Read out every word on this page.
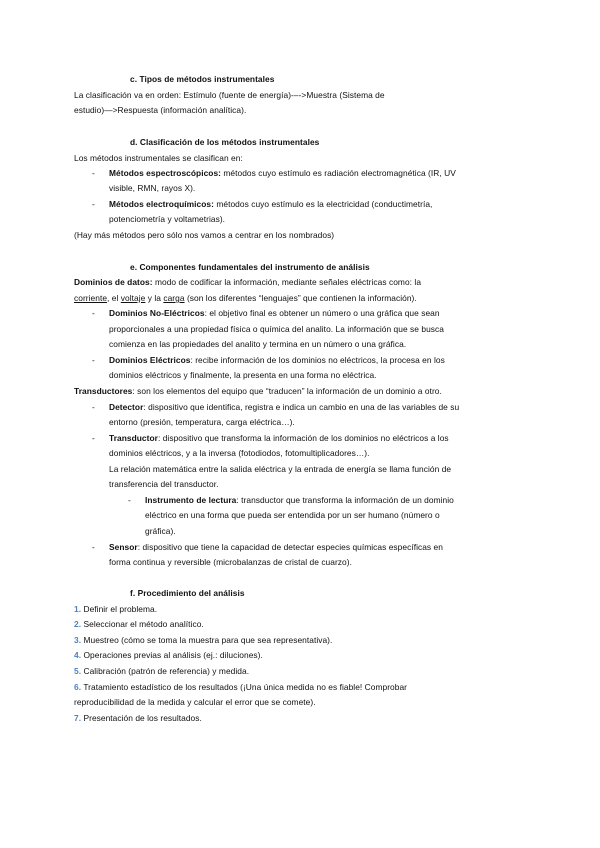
c. Tipos de métodos instrumentales
La clasificación va en orden: Estímulo (fuente de energía)-–->Muestra (Sistema de
estudio)—>Respuesta (información analítica).
d. Clasificación de los métodos instrumentales
Los métodos instrumentales se clasifican en:
- Métodos espectroscópicos: métodos cuyo estímulo es radiación electromagnética (IR, UV
visible, RMN, rayos X).
- Métodos electroquímicos: métodos cuyo estímulo es la electricidad (conductimetría,
potenciometría y voltametrias).
(Hay más métodos pero sólo nos vamos a centrar en los nombrados)
e. Componentes fundamentales del instrumento de análisis
Dominios de datos: modo de codificar la información, mediante señales eléctricas como: la
corriente, el voltaje y la carga (son los diferentes “lenguajes” que contienen la información).
- Dominios No-Eléctricos: el objetivo final es obtener un número o una gráfica que sean
proporcionales a una propiedad física o química del analito. La información que se busca
comienza en las propiedades del analito y termina en un número o una gráfica.
- Dominios Eléctricos: recibe información de los dominios no eléctricos, la procesa en los
dominios eléctricos y finalmente, la presenta en una forma no eléctrica.
Transductores: son los elementos del equipo que “traducen” la información de un dominio a otro.
- Detector: dispositivo que identifica, registra e indica un cambio en una de las variables de su
entorno (presión, temperatura, carga eléctrica…).
- Transductor: dispositivo que transforma la información de los dominios no eléctricos a los
dominios eléctricos, y a la inversa (fotodiodos, fotomultiplicadores…).
La relación matemática entre la salida eléctrica y la entrada de energía se llama función de
transferencia del transductor.
- Instrumento de lectura: transductor que transforma la información de un dominio
eléctrico en una forma que pueda ser entendida por un ser humano (número o
gráfica).
- Sensor: dispositivo que tiene la capacidad de detectar especies químicas específicas en
forma continua y reversible (microbalanzas de cristal de cuarzo).
f. Procedimiento del análisis
1. Definir el problema.
2. Seleccionar el método analítico.
3. Muestreo (cómo se toma la muestra para que sea representativa).
4. Operaciones previas al análisis (ej.: diluciones).
5. Calibración (patrón de referencia) y medida.
6. Tratamiento estadístico de los resultados (¡Una única medida no es fiable! Comprobar
reproducibilidad de la medida y calcular el error que se comete).
7. Presentación de los resultados.
